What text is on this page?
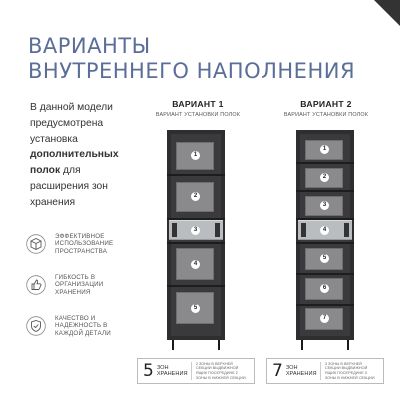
ВАРИАНТЫ
ВНУТРЕННЕГО НАПОЛНЕНИЯ

В данной модели предусмотрена установка дополнительных полок для расширения зон хранения

ЭФФЕКТИВНОЕ ИСПОЛЬЗОВАНИЕ ПРОСТРАНСТВА
ГИБКОСТЬ В ОРГАНИЗАЦИИ ХРАНЕНИЯ
КАЧЕСТВО И НАДЕЖНОСТЬ В КАЖДОЙ ДЕТАЛИ
ВАРИАНТ 1
ВАРИАНТ УСТАНОВКИ ПОЛОК
1
2
3
4
5
5 ЗОН ХРАНЕНИЯ
2 ЗОНЫ В ВЕРХНЕЙ СЕКЦИИ ВЫДВИЖНОЙ ЯЩИК ПОСЕРЕДИНЕ 2 ЗОНЫ В НИЖНЕЙ СЕКЦИИ
ВАРИАНТ 2
ВАРИАНТ УСТАНОВКИ ПОЛОК
1
2
3
4
5
6
7
7 ЗОН ХРАНЕНИЯ
3 ЗОНЫ В ВЕРХНЕЙ СЕКЦИИ ВЫДВИЖНОЙ ЯЩИК ПОСЕРЕДИНЕ 3 ЗОНЫ В НИЖНЕЙ СЕКЦИИ
